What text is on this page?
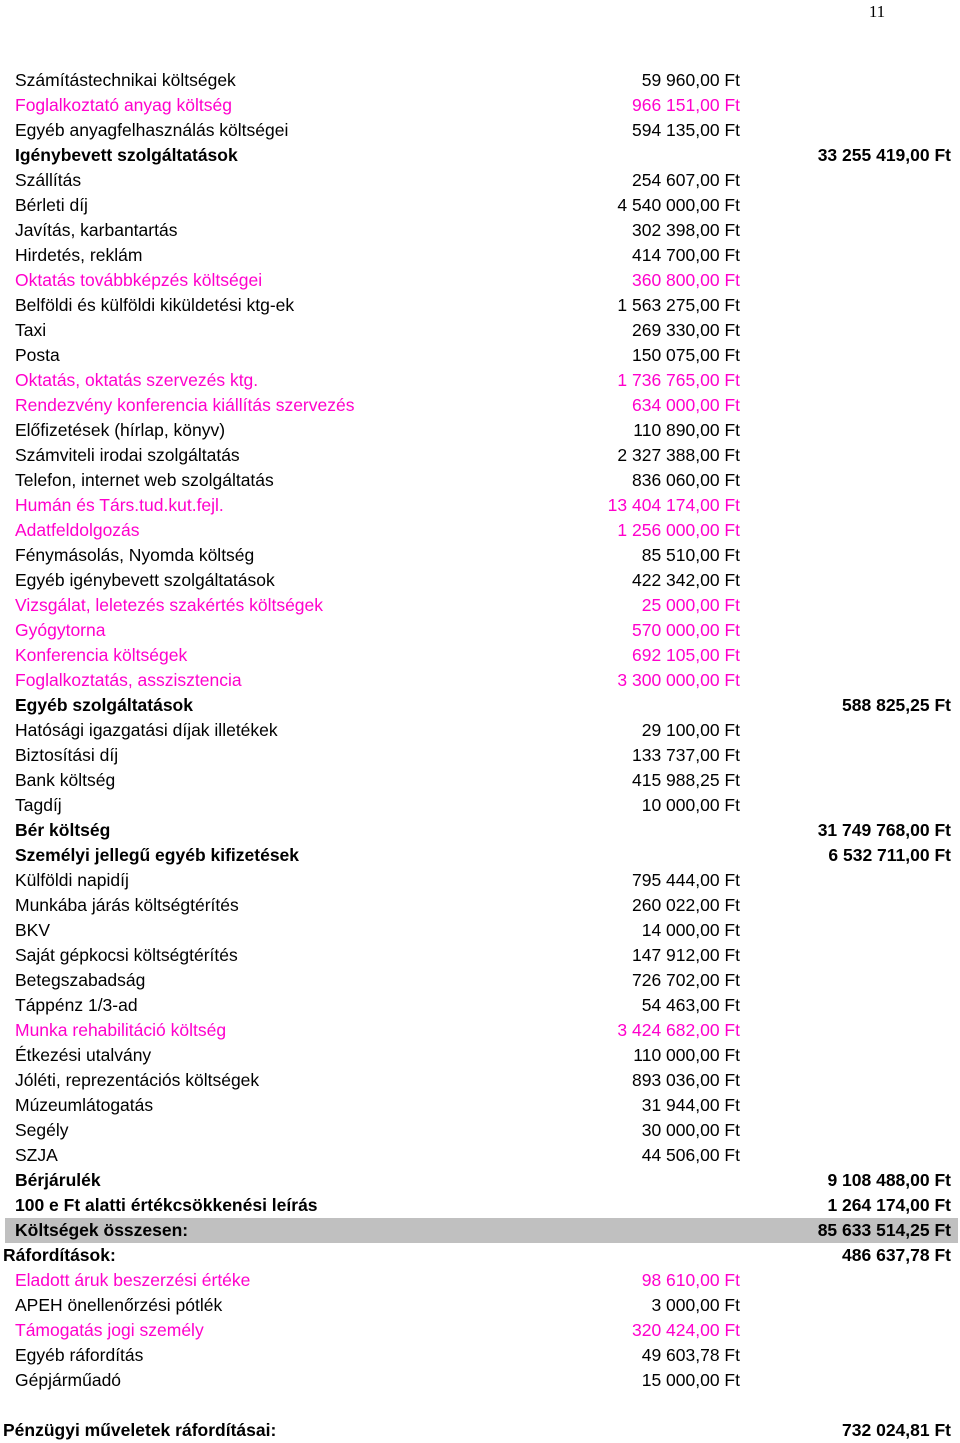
11
Számítástechnikai költségek	59 960,00 Ft
Foglalkoztató anyag költség	966 151,00 Ft
Egyéb anyagfelhasználás költségei	594 135,00 Ft
Igénybevett szolgáltatások	33 255 419,00 Ft
Szállítás	254 607,00 Ft
Bérleti díj	4 540 000,00 Ft
Javítás, karbantartás	302 398,00 Ft
Hirdetés, reklám	414 700,00 Ft
Oktatás továbbképzés költségei	360 800,00 Ft
Belföldi és külföldi kiküldetési ktg-ek	1 563 275,00 Ft
Taxi	269 330,00 Ft
Posta	150 075,00 Ft
Oktatás, oktatás szervezés ktg.	1 736 765,00 Ft
Rendezvény konferencia kiállítás szervezés	634 000,00 Ft
Előfizetések (hírlap, könyv)	110 890,00 Ft
Számviteli irodai szolgáltatás	2 327 388,00 Ft
Telefon, internet web szolgáltatás	836 060,00 Ft
Humán és Társ.tud.kut.fejl.	13 404 174,00 Ft
Adatfeldolgozás	1 256 000,00 Ft
Fénymásolás, Nyomda költség	85 510,00 Ft
Egyéb igénybevett szolgáltatások	422 342,00 Ft
Vizsgálat, leletezés szakértés költségek	25 000,00 Ft
Gyógytorna	570 000,00 Ft
Konferencia költségek	692 105,00 Ft
Foglalkoztatás, asszisztencia	3 300 000,00 Ft
Egyéb szolgáltatások	588 825,25 Ft
Hatósági igazgatási díjak illetékek	29 100,00 Ft
Biztosítási díj	133 737,00 Ft
Bank költség	415 988,25 Ft
Tagdíj	10 000,00 Ft
Bér költség	31 749 768,00 Ft
Személyi jellegű egyéb kifizetések	6 532 711,00 Ft
Külföldi napidíj	795 444,00 Ft
Munkába járás költségtérítés	260 022,00 Ft
BKV	14 000,00 Ft
Saját gépkocsi költségtérítés	147 912,00 Ft
Betegszabadság	726 702,00 Ft
Táppénz 1/3-ad	54 463,00 Ft
Munka rehabilitáció költség	3 424 682,00 Ft
Étkezési utalvány	110 000,00 Ft
Jóléti, reprezentációs költségek	893 036,00 Ft
Múzeumlátogatás	31 944,00 Ft
Segély	30 000,00 Ft
SZJA	44 506,00 Ft
Bérjárulék	9 108 488,00 Ft
100 e Ft alatti értékcsökkenési leírás	1 264 174,00 Ft
Költségek összesen:	85 633 514,25 Ft
Ráfordítások:	486 637,78 Ft
Eladott áruk beszerzési értéke	98 610,00 Ft
APEH önellenőrzési pótlék	3 000,00 Ft
Támogatás jogi személy	320 424,00 Ft
Egyéb ráfordítás	49 603,78 Ft
Gépjárműadó	15 000,00 Ft
Pénzügyi műveletek ráfordításai:	732 024,81 Ft
